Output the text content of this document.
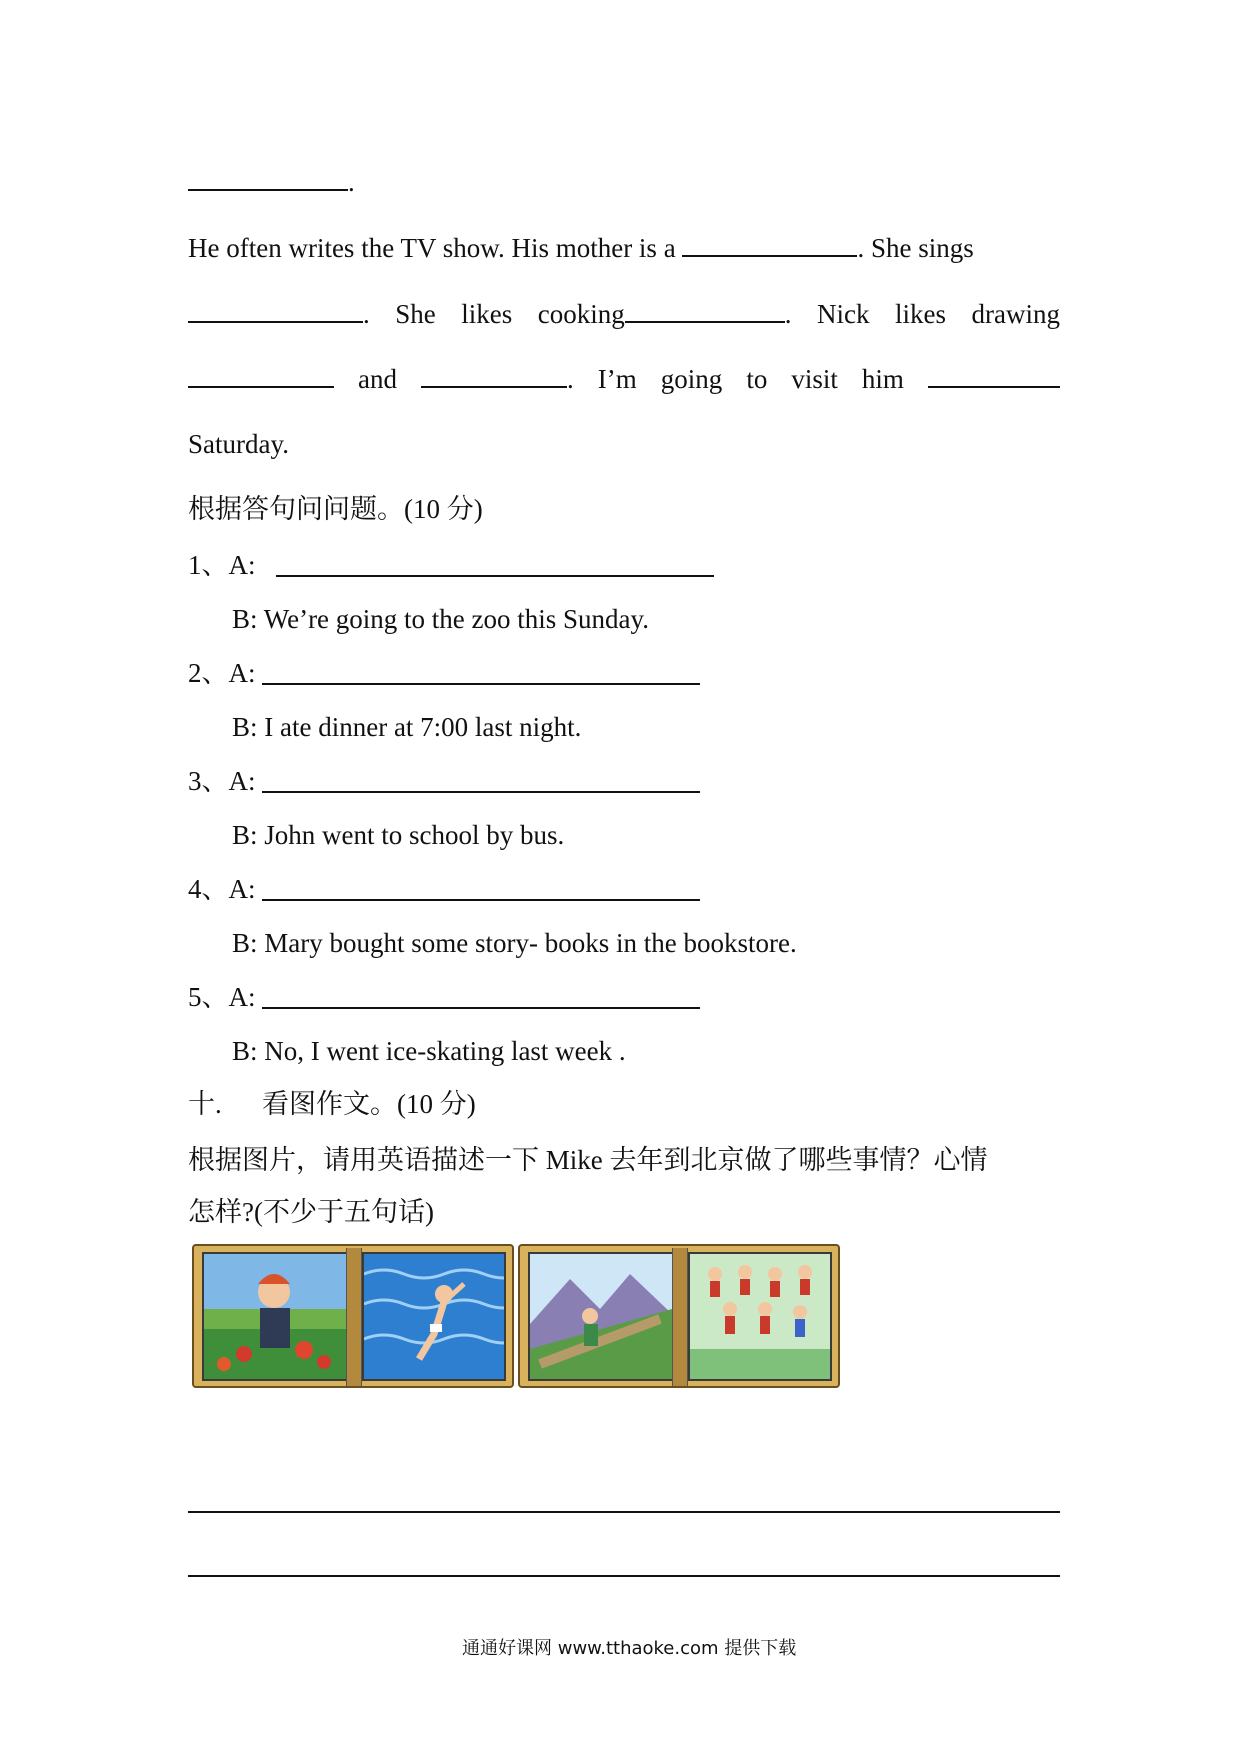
.
He often writes the TV show. His mother is a	. She sings
. She likes cooking	. Nick likes drawing
and	. I’m going to visit him
Saturday.
根据答句问问题。(10 分)
1、A:
B: We’re going to the zoo this Sunday.
2、A:
B: I ate dinner at 7:00 last night.
3、A:
B: John went to school by bus.
4、A:
B: Mary bought some story- books in the bookstore.
5、A:
B: No, I went ice-skating last week .
十. 看图作文。(10 分)
根据图片，请用英语描述一下 Mike 去年到北京做了哪些事情？心情
怎样?(不少于五句话)
通通好课网 www.tthaoke.com 提供下载
